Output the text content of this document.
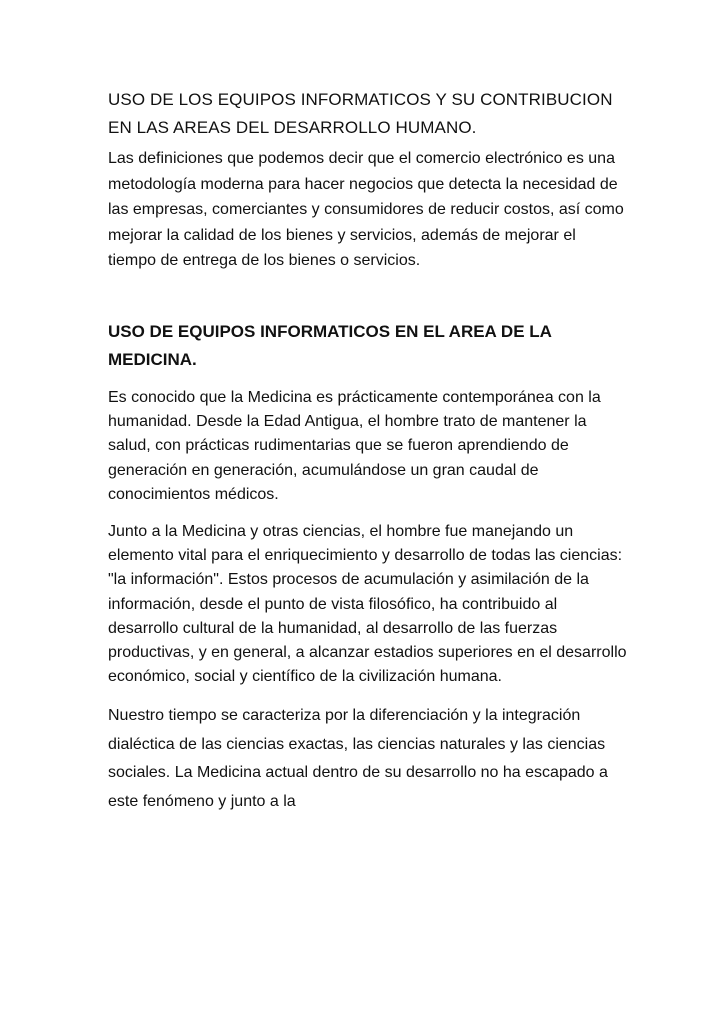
USO DE LOS EQUIPOS INFORMATICOS Y SU CONTRIBUCION EN LAS AREAS DEL DESARROLLO HUMANO.

Las definiciones que podemos decir que el comercio electrónico es una metodología moderna para hacer negocios que detecta la necesidad de las empresas, comerciantes y consumidores de reducir costos, así como mejorar la calidad de los bienes y servicios, además de mejorar el tiempo de entrega de los bienes o servicios.

USO DE EQUIPOS INFORMATICOS EN EL AREA DE LA MEDICINA.

Es conocido que la Medicina es prácticamente contemporánea con la humanidad. Desde la Edad Antigua, el hombre trato de mantener la salud, con prácticas rudimentarias que se fueron aprendiendo de generación en generación, acumulándose un gran caudal de conocimientos médicos.

Junto a la Medicina y otras ciencias, el hombre fue manejando un elemento vital para el enriquecimiento y desarrollo de todas las ciencias: "la información". Estos procesos de acumulación y asimilación de la información, desde el punto de vista filosófico, ha contribuido al desarrollo cultural de la humanidad, al desarrollo de las fuerzas productivas, y en general, a alcanzar estadios superiores en el desarrollo económico, social y científico de la civilización humana.

Nuestro tiempo se caracteriza por la diferenciación y la integración dialéctica de las ciencias exactas, las ciencias naturales y las ciencias sociales. La Medicina actual dentro de su desarrollo no ha escapado a este fenómeno y junto a la
